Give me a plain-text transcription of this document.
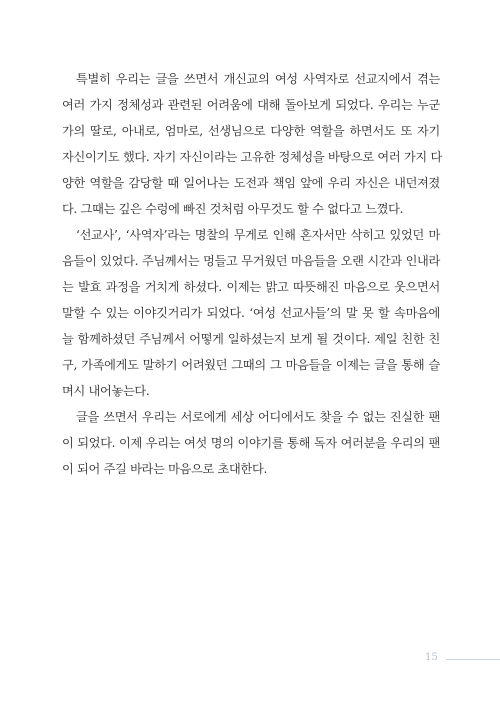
특별히 우리는 글을 쓰면서 개신교의 여성 사역자로 선교지에서 겪는
여러 가지 정체성과 관련된 어려움에 대해 돌아보게 되었다. 우리는 누군
가의 딸로, 아내로, 엄마로, 선생님으로 다양한 역할을 하면서도 또 자기
자신이기도 했다. 자기 자신이라는 고유한 정체성을 바탕으로 여러 가지 다
양한 역할을 감당할 때 일어나는 도전과 책임 앞에 우리 자신은 내던져졌
다. 그때는 깊은 수렁에 빠진 것처럼 아무것도 할 수 없다고 느꼈다.

‘선교사’, ‘사역자’라는 명찰의 무게로 인해 혼자서만 삭히고 있었던 마
음들이 있었다. 주님께서는 멍들고 무거웠던 마음들을 오랜 시간과 인내라
는 발효 과정을 거치게 하셨다. 이제는 밝고 따뜻해진 마음으로 웃으면서
말할 수 있는 이야깃거리가 되었다. ‘여성 선교사들’의 말 못 할 속마음에
늘 함께하셨던 주님께서 어떻게 일하셨는지 보게 될 것이다. 제일 친한 친
구, 가족에게도 말하기 어려웠던 그때의 그 마음들을 이제는 글을 통해 슬
며시 내어놓는다.

글을 쓰면서 우리는 서로에게 세상 어디에서도 찾을 수 없는 진실한 팬
이 되었다. 이제 우리는 여섯 명의 이야기를 통해 독자 여러분을 우리의 팬
이 되어 주길 바라는 마음으로 초대한다.

15
